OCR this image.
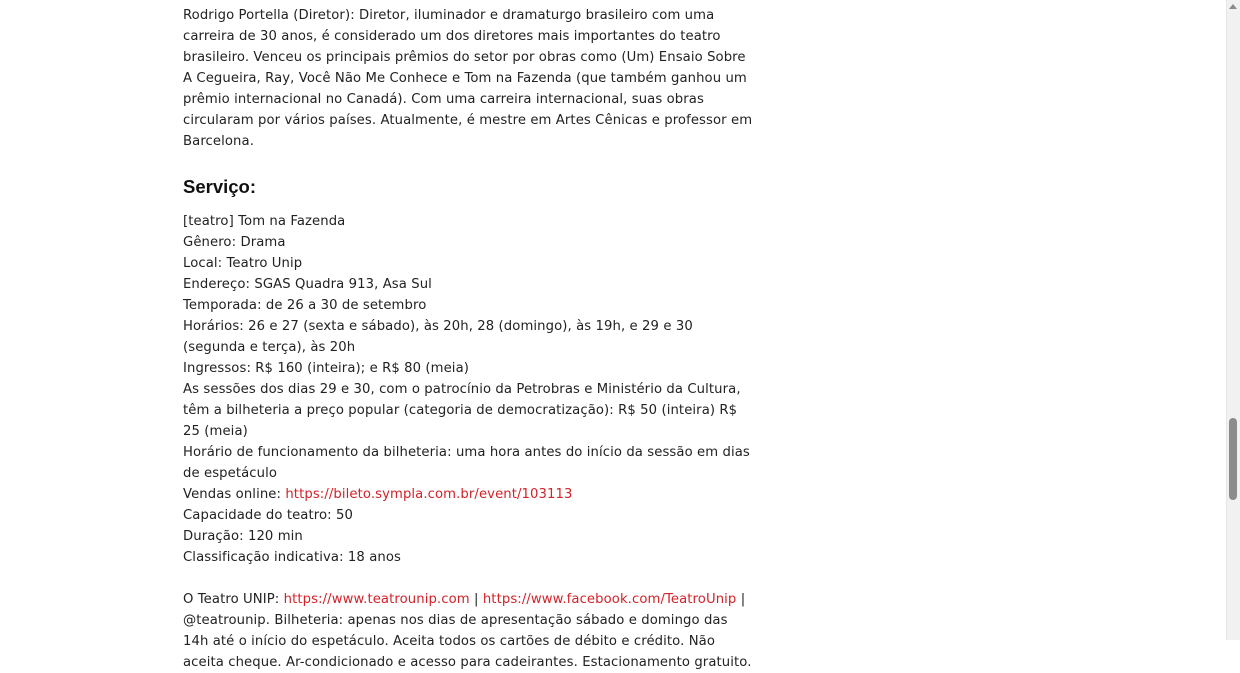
Rodrigo Portella (Diretor): Diretor, iluminador e dramaturgo brasileiro com uma carreira de 30 anos, é considerado um dos diretores mais importantes do teatro brasileiro. Venceu os principais prêmios do setor por obras como (Um) Ensaio Sobre A Cegueira, Ray, Você Não Me Conhece e Tom na Fazenda (que também ganhou um prêmio internacional no Canadá). Com uma carreira internacional, suas obras circularam por vários países. Atualmente, é mestre em Artes Cênicas e professor em Barcelona.

Serviço:

[teatro] Tom na Fazenda
Gênero: Drama
Local: Teatro Unip
Endereço: SGAS Quadra 913, Asa Sul
Temporada: de 26 a 30 de setembro
Horários: 26 e 27 (sexta e sábado), às 20h, 28 (domingo), às 19h, e 29 e 30 (segunda e terça), às 20h
Ingressos: R$ 160 (inteira); e R$ 80 (meia)
As sessões dos dias 29 e 30, com o patrocínio da Petrobras e Ministério da Cultura, têm a bilheteria a preço popular (categoria de democratização): R$ 50 (inteira) R$ 25 (meia)
Horário de funcionamento da bilheteria: uma hora antes do início da sessão em dias de espetáculo
Vendas online: https://bileto.sympla.com.br/event/103113
Capacidade do teatro: 50
Duração: 120 min
Classificação indicativa: 18 anos

O Teatro UNIP: https://www.teatrounip.com | https://www.facebook.com/TeatroUnip | @teatrounip. Bilheteria: apenas nos dias de apresentação sábado e domingo das 14h até o início do espetáculo. Aceita todos os cartões de débito e crédito. Não aceita cheque. Ar-condicionado e acesso para cadeirantes. Estacionamento gratuito.
